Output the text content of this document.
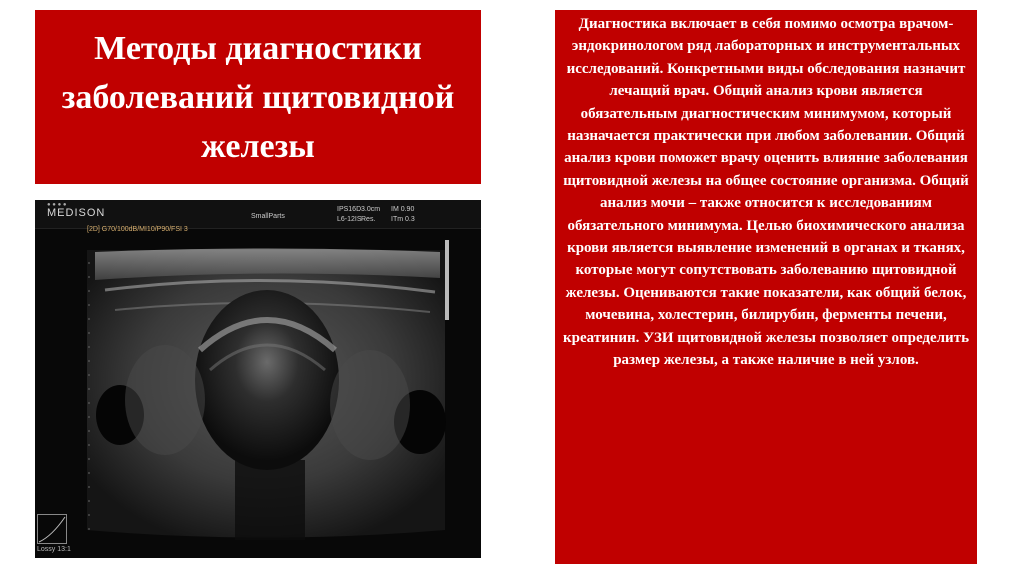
Методы диагностики заболеваний щитовидной железы
● ● ● ●
MEDISON	SmallParts
IPS16D
L6-12IS
3.0cm
Res.
IM 0.90
ITm 0.3
[2D] G70/100dB/MI10/P90/FSI 3
Lossy 13:1

Диагностика включает в себя помимо осмотра врачом-эндокринологом ряд лабораторных и инструментальных исследований. Конкретными виды обследования назначит лечащий врач. Общий анализ крови является обязательным диагностическим минимумом, который назначается практически при любом заболевании. Общий анализ крови поможет врачу оценить влияние заболевания щитовидной железы на общее состояние организма. Общий анализ мочи – также относится к исследованиям обязательного минимума. Целью биохимического анализа крови является выявление изменений в органах и тканях, которые могут сопутствовать заболеванию щитовидной железы. Оцениваются такие показатели, как общий белок, мочевина, холестерин, билирубин, ферменты печени, креатинин. УЗИ щитовидной железы позволяет определить размер железы, а также наличие в ней узлов.
